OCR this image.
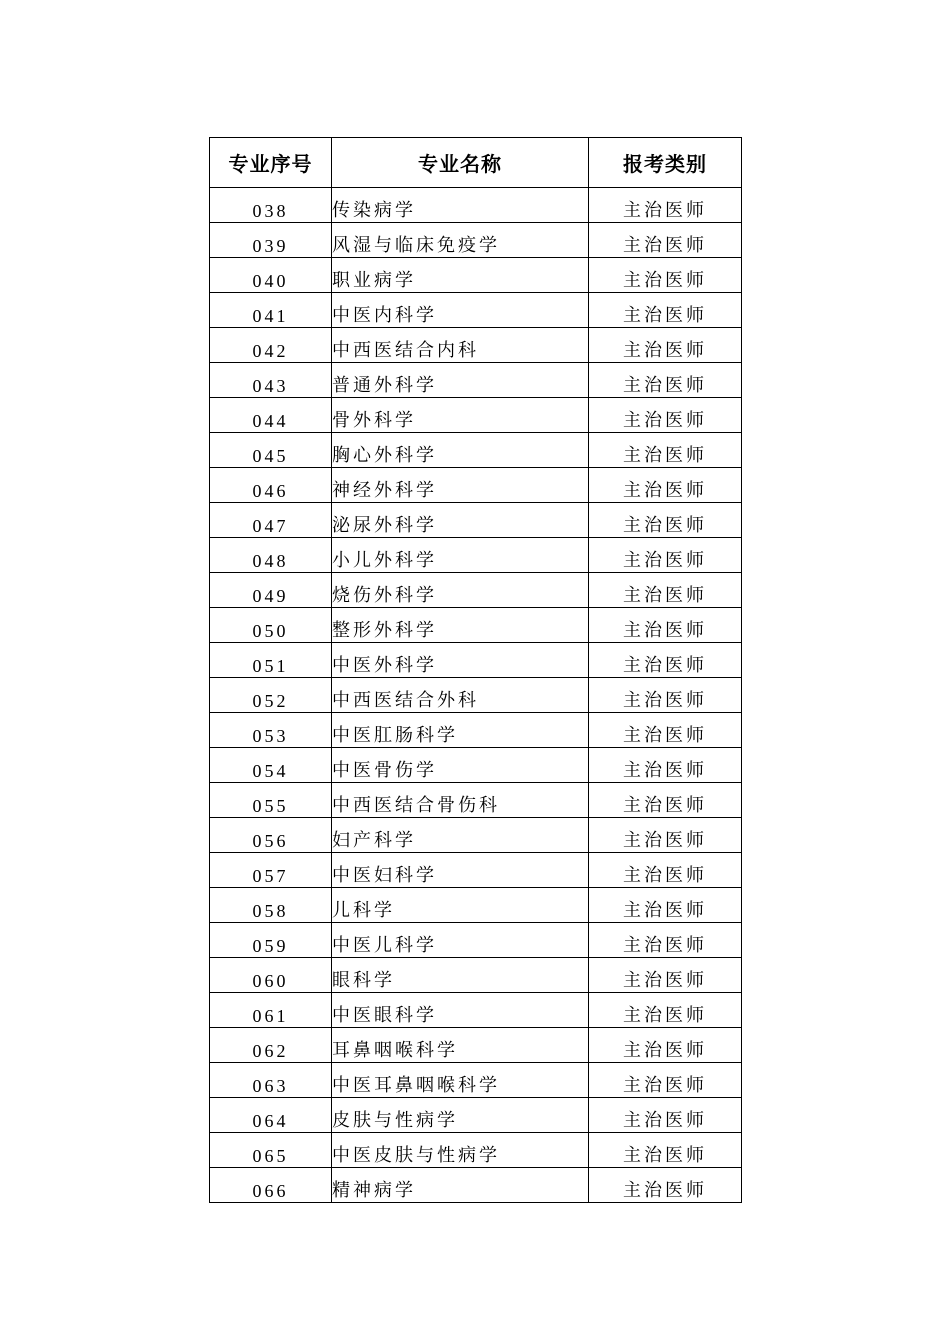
专业序号	专业名称	报考类别
038	传染病学	主治医师
039	风湿与临床免疫学	主治医师
040	职业病学	主治医师
041	中医内科学	主治医师
042	中西医结合内科	主治医师
043	普通外科学	主治医师
044	骨外科学	主治医师
045	胸心外科学	主治医师
046	神经外科学	主治医师
047	泌尿外科学	主治医师
048	小儿外科学	主治医师
049	烧伤外科学	主治医师
050	整形外科学	主治医师
051	中医外科学	主治医师
052	中西医结合外科	主治医师
053	中医肛肠科学	主治医师
054	中医骨伤学	主治医师
055	中西医结合骨伤科	主治医师
056	妇产科学	主治医师
057	中医妇科学	主治医师
058	儿科学	主治医师
059	中医儿科学	主治医师
060	眼科学	主治医师
061	中医眼科学	主治医师
062	耳鼻咽喉科学	主治医师
063	中医耳鼻咽喉科学	主治医师
064	皮肤与性病学	主治医师
065	中医皮肤与性病学	主治医师
066	精神病学	主治医师
